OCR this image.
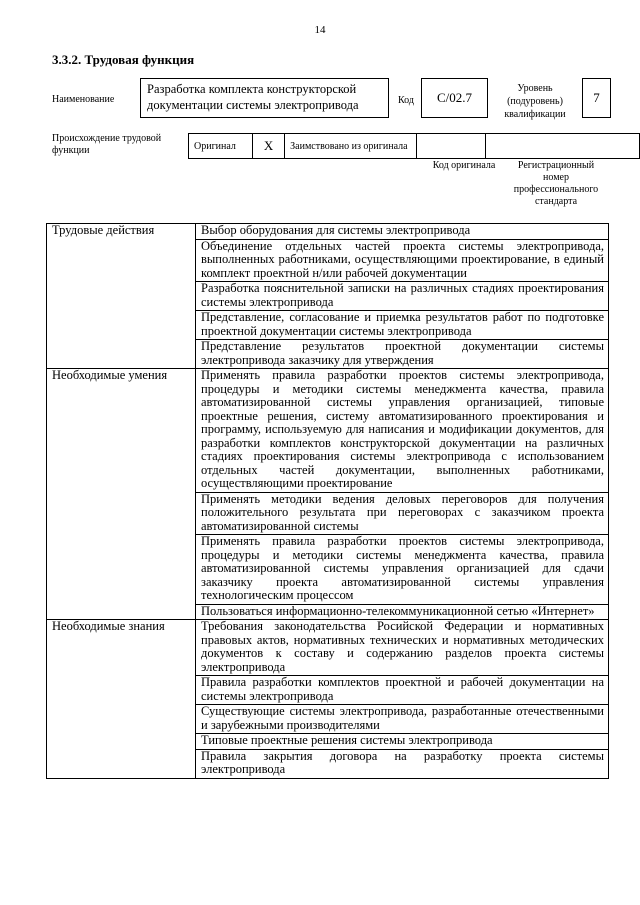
14
3.3.2. Трудовая функция
Наименование
Разработка комплекта конструкторской документации системы электропривода	Код	C/02.7
Уровень (подуровень) квалификации
7
Происхождение трудовой функции	Оригинал	X	Заимствовано из оригинала		
Код оригинала	Регистрационный номер профессионального стандарта
Трудовые действия	Выбор оборудования для системы электропривода
	Объединение отдельных частей проекта системы электропривода, выполненных работниками, осуществляющими проектирование, в единый комплект проектной н/или рабочей документации
	Разработка пояснительной записки на различных стадиях проектирования системы электропривода
	Представление, согласование и приемка результатов работ по подготовке проектной документации системы электропривода
	Представление результатов проектной документации системы электропривода заказчику для утверждения
Необходимые умения	Применять правила разработки проектов системы электропривода, процедуры и методики системы менеджмента качества, правила автоматизированной системы управления организацией, типовые проектные решения, систему автоматизированного проектирования и программу, используемую для написания и модификации документов, для разработки комплектов конструкторской документации на различных стадиях проектирования системы электропривода с использованием отдельных частей документации, выполненных работниками, осуществляющими проектирование
	Применять методики ведения деловых переговоров для получения положительного результата при переговорах с заказчиком проекта автоматизированной системы
	Применять правила разработки проектов системы электропривода, процедуры и методики системы менеджмента качества, правила автоматизированной системы управления организацией для сдачи заказчику проекта автоматизированной системы управления технологическим процессом
	Пользоваться информационно-телекоммуникационной сетью «Интернет»
Необходимые знания	Требования законодательства Росийской Федерации и нормативных правовых актов, нормативных технических и нормативных методических документов к составу и содержанию разделов проекта системы электропривода
	Правила разработки комплектов проектной и рабочей документации на системы электропривода
	Существующие системы электропривода, разработанные отечественными и зарубежными производителями
	Типовые проектные решения системы электропривода
	Правила закрытия договора на разработку проекта системы электропривода
